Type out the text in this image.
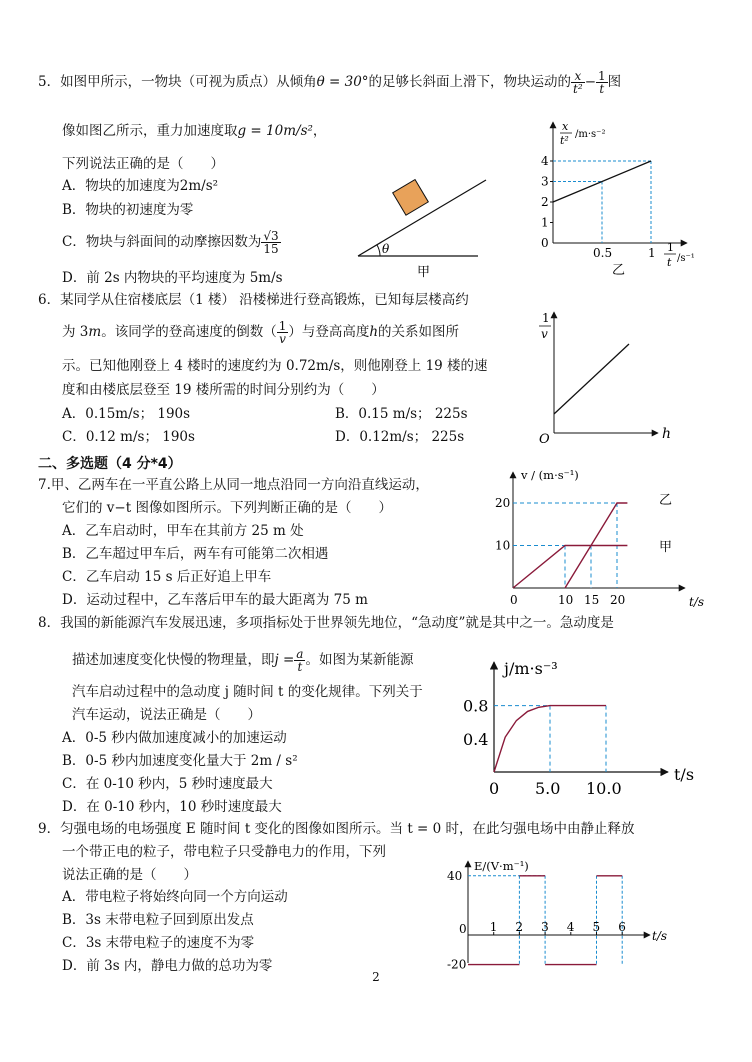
5．如图甲所示，一物块（可视为质点）从倾角θ = 30°的足够长斜面上滑下，物块运动的 $\frac{x}{\text{t²}} - \frac{1}{t}$ 图
像如图乙所示，重力加速度取g = 10m/s²，
下列说法正确的是（　　）
A．物块的加速度为2m/s²
B．物块的初速度为零
C．物块与斜面间的动摩擦因数为 $\frac{√3}{15}$
D．前 2s 内物块的平均速度为 5m/s
θ
甲
1
2
3
4
0.5	1
0
x
t² /m·s⁻²
1
t /s⁻¹
乙
6．某同学从住宿楼底层（1 楼） 沿楼梯进行登高锻炼，已知每层楼高约
为 3m。该同学的登高速度的倒数（ $\frac{1}{v}$ ）与登高高度h的关系如图所
示。已知他刚登上 4 楼时的速度约为 0.72m/s，则他刚登上 19 楼的速
度和由楼底层登至 19 楼所需的时间分别约为（　　）
A．0.15m/s； 190s	B．0.15 m/s； 225s
C．0.12 m/s； 190s	D．0.12m/s； 225s
1
v
h
O
二、多选题（4 分*4）
7.甲、乙两车在一平直公路上从同一地点沿同一方向沿直线运动，
它们的 v−t 图像如图所示。下列判断正确的是（　　）
A．乙车启动时，甲车在其前方 25 m 处
B．乙车超过甲车后，两车有可能第二次相遇
C．乙车启动 15 s 后正好追上甲车
D．运动过程中，乙车落后甲车的最大距离为 75 m
10
20
0	10 15 20
v / (m·s⁻¹)
t/s
乙
甲
8．我国的新能源汽车发展迅速，多项指标处于世界领先地位，“急动度”就是其中之一。急动度是
描述加速度变化快慢的物理量，即$j = \frac{a}{t}$ 。如图为某新能源
汽车启动过程中的急动度 j 随时间 t 的变化规律。下列关于
汽车运动，说法正确是（　　）
A．0-5 秒内做加速度减小的加速运动
B．0-5 秒内加速度变化量大于 2m / s²
C．在 0-10 秒内，5 秒时速度最大
D．在 0-10 秒内，10 秒时速度最大
0.4
0.8
0 5.0 10.0
j/m·s⁻³
t/s
9．匀强电场的电场强度 E 随时间 t 变化的图像如图所示。当 t = 0 时，在此匀强电场中由静止释放
一个带正电的粒子，带电粒子只受静电力的作用，下列
说法正确的是（　　）
A．带电粒子将始终向同一个方向运动
B．3s 末带电粒子回到原出发点
C．3s 末带电粒子的速度不为零
D．前 3s 内，静电力做的总功为零
1 2 3 4 5 6
40
-20
E/(V·m⁻¹)
t/s
0
2
